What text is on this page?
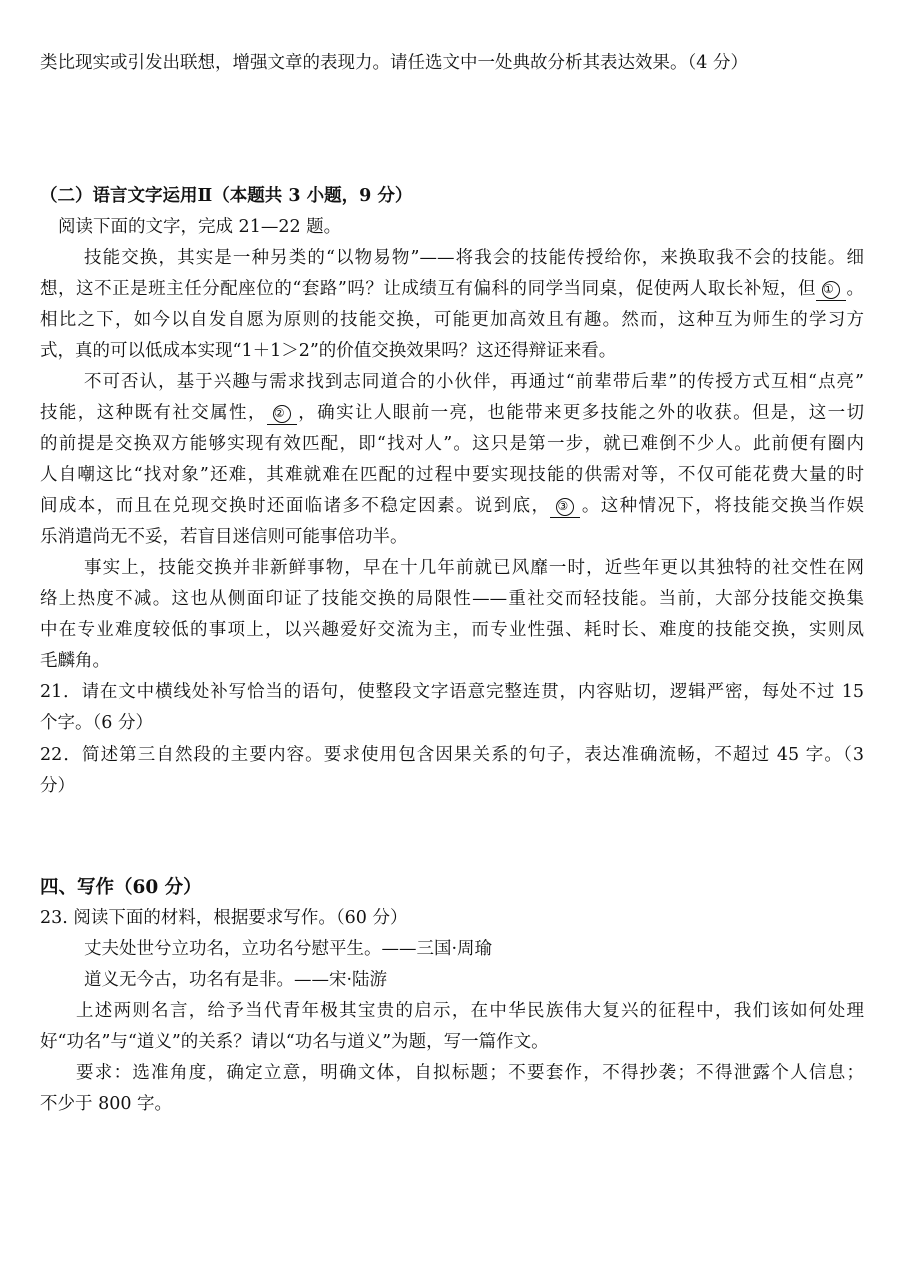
类比现实或引发出联想，增强文章的表现力。请任选文中一处典故分析其表达效果。（4 分）
（二）语言文字运用Ⅱ（本题共 3 小题，9 分）
阅读下面的文字，完成 21—22 题。
技能交换，其实是一种另类的“以物易物”——将我会的技能传授给你，来换取我不会的技能。细
想，这不正是班主任分配座位的“套路”吗？让成绩互有偏科的同学当同桌，促使两人取长补短，但 ① 。
相比之下，如今以自发自愿为原则的技能交换，可能更加高效且有趣。然而，这种互为师生的学习方
式，真的可以低成本实现“1＋1＞2”的价值交换效果吗？这还得辩证来看。
不可否认，基于兴趣与需求找到志同道合的小伙伴，再通过“前辈带后辈”的传授方式互相“点亮”
技能，这种既有社交属性， ② ，确实让人眼前一亮，也能带来更多技能之外的收获。但是，这一切
的前提是交换双方能够实现有效匹配，即“找对人”。这只是第一步，就已难倒不少人。此前便有圈内
人自嘲这比“找对象”还难，其难就难在匹配的过程中要实现技能的供需对等，不仅可能花费大量的时
间成本，而且在兑现交换时还面临诸多不稳定因素。说到底， ③ 。这种情况下，将技能交换当作娱
乐消遣尚无不妥，若盲目迷信则可能事倍功半。
事实上，技能交换并非新鲜事物，早在十几年前就已风靡一时，近些年更以其独特的社交性在网
络上热度不减。这也从侧面印证了技能交换的局限性——重社交而轻技能。当前，大部分技能交换集
中在专业难度较低的事项上，以兴趣爱好交流为主，而专业性强、耗时长、难度的技能交换，实则凤
毛麟角。
21．请在文中横线处补写恰当的语句，使整段文字语意完整连贯，内容贴切，逻辑严密，每处不过 15
个字。（6 分）
22．简述第三自然段的主要内容。要求使用包含因果关系的句子，表达准确流畅，不超过 45 字。（3
分）
四、写作（60 分）
23. 阅读下面的材料，根据要求写作。（60 分）
丈夫处世兮立功名，立功名兮慰平生。——三国·周瑜
道义无今古，功名有是非。——宋·陆游
上述两则名言，给予当代青年极其宝贵的启示，在中华民族伟大复兴的征程中，我们该如何处理
好“功名”与“道义”的关系？请以“功名与道义”为题，写一篇作文。
要求：选准角度，确定立意，明确文体，自拟标题；不要套作，不得抄袭；不得泄露个人信息；
不少于 800 字。
